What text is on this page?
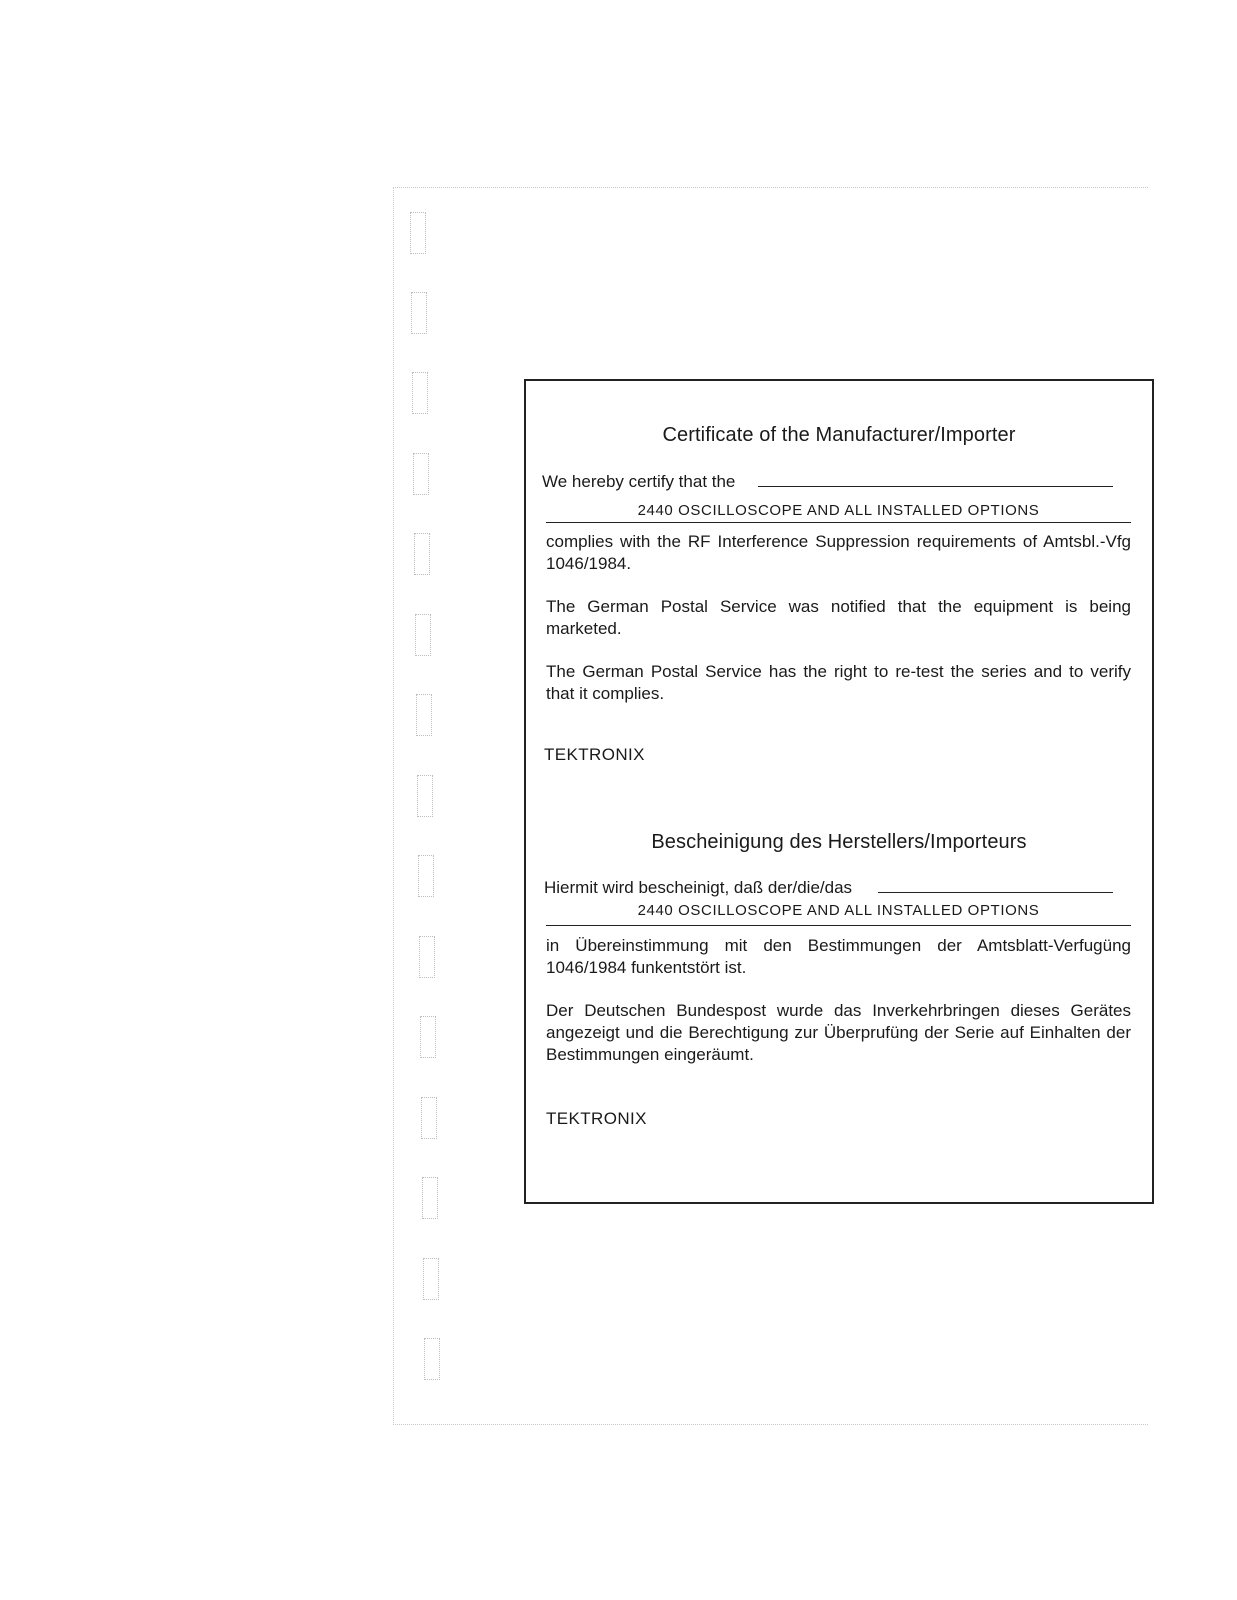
Certificate of the Manufacturer/Importer
We hereby certify that the
2440 OSCILLOSCOPE AND ALL INSTALLED OPTIONS

complies with the RF Interference Suppression requirements of Amtsbl.-Vfg 1046/1984.

The German Postal Service was notified that the equipment is being marketed.

The German Postal Service has the right to re-test the series and to verify that it complies.

TEKTRONIX
Bescheinigung des Herstellers/Importeurs
Hiermit wird bescheinigt, daß der/die/das
2440 OSCILLOSCOPE AND ALL INSTALLED OPTIONS

in Übereinstimmung mit den Bestimmungen der Amtsblatt-Verfugüng 1046/1984 funkentstört ist.

Der Deutschen Bundespost wurde das Inverkehrbringen dieses Gerätes angezeigt und die Berechtigung zur Überprufüng der Serie auf Einhalten der Bestimmungen eingeräumt.

TEKTRONIX
